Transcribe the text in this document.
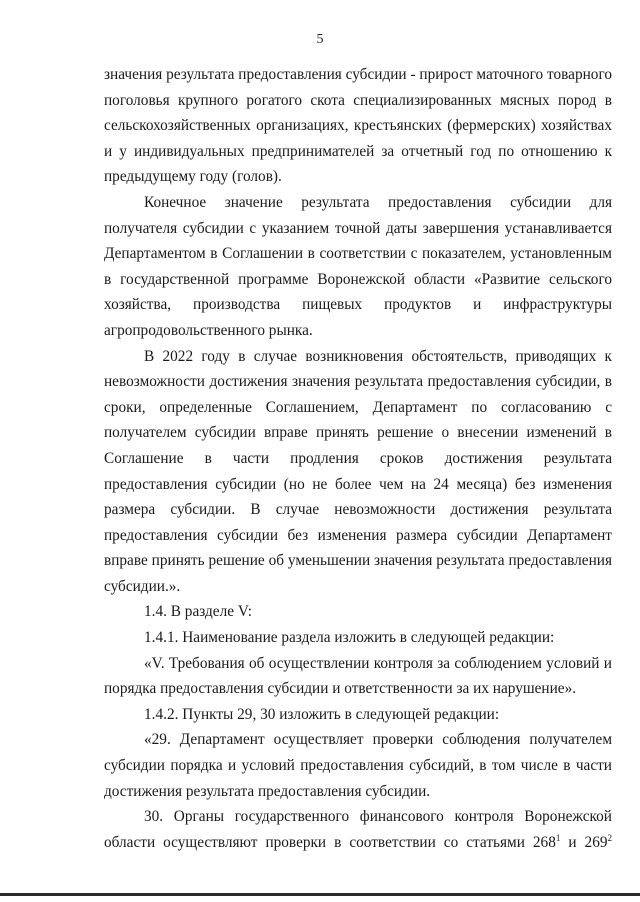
5

значения результата предоставления субсидии - прирост маточного товарного поголовья крупного рогатого скота специализированных мясных пород в сельскохозяйственных организациях, крестьянских (фермерских) хозяйствах и у индивидуальных предпринимателей за отчетный год по отношению к предыдущему году (голов).

Конечное значение результата предоставления субсидии для получателя субсидии с указанием точной даты завершения устанавливается Департаментом в Соглашении в соответствии с показателем, установленным в государственной программе Воронежской области «Развитие сельского хозяйства, производства пищевых продуктов и инфраструктуры агропродовольственного рынка.

В 2022 году в случае возникновения обстоятельств, приводящих к невозможности достижения значения результата предоставления субсидии, в сроки, определенные Соглашением, Департамент по согласованию с получателем субсидии вправе принять решение о внесении изменений в Соглашение в части продления сроков достижения результата предоставления субсидии (но не более чем на 24 месяца) без изменения размера субсидии. В случае невозможности достижения результата предоставления субсидии без изменения размера субсидии Департамент вправе принять решение об уменьшении значения результата предоставления субсидии.».

1.4. В разделе V:

1.4.1. Наименование раздела изложить в следующей редакции:

«V. Требования об осуществлении контроля за соблюдением условий и порядка предоставления субсидии и ответственности за их нарушение».

1.4.2. Пункты 29, 30 изложить в следующей редакции:

«29. Департамент осуществляет проверки соблюдения получателем субсидии порядка и условий предоставления субсидий, в том числе в части достижения результата предоставления субсидии.

30. Органы государственного финансового контроля Воронежской области осуществляют проверки в соответствии со статьями $268^1$ и $269^2$
